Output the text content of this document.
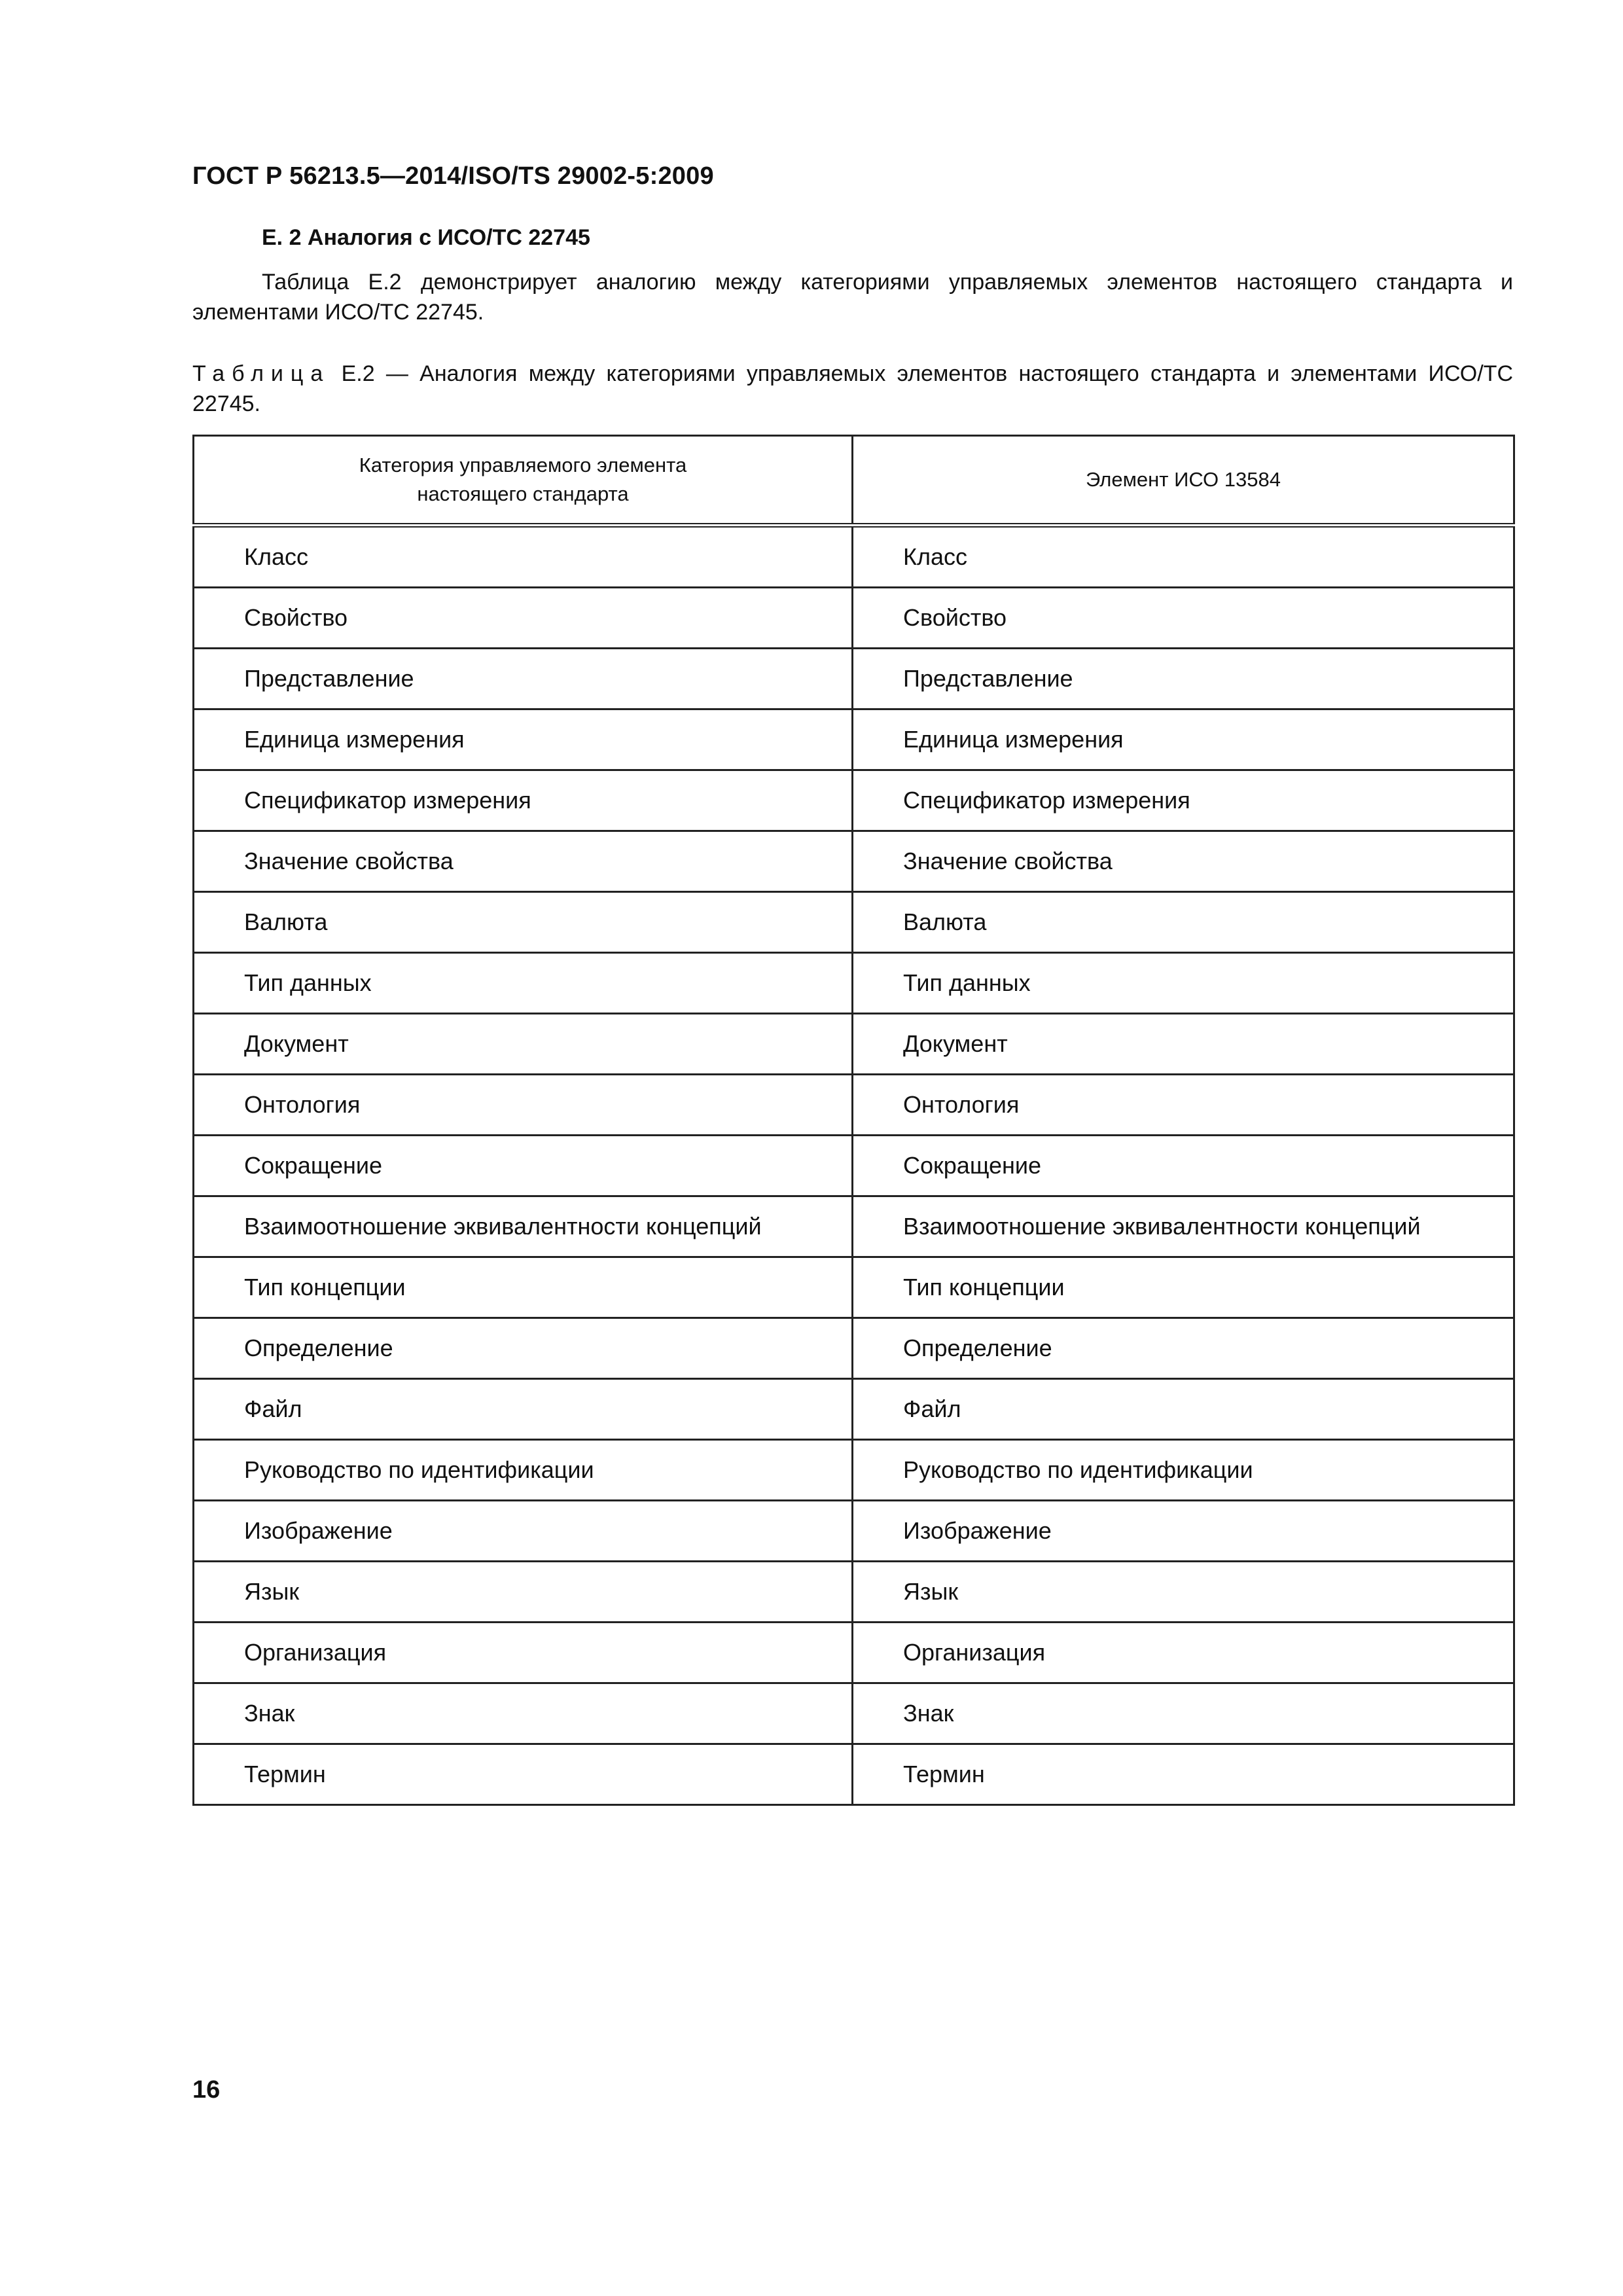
ГОСТ Р 56213.5—2014/ISO/TS 29002-5:2009
Е. 2 Аналогия с ИСО/ТС 22745

Таблица Е.2 демонстрирует аналогию между категориями управляемых элементов настоящего стандарта и элементами ИСО/ТС 22745.

Таблица Е.2 — Аналогия между категориями управляемых элементов настоящего стандарта и элементами ИСО/ТС 22745.

Категория управляемого элемента настоящего стандарта	Элемент ИСО 13584
Класс	Класс
Свойство	Свойство
Представление	Представление
Единица измерения	Единица измерения
Спецификатор измерения	Спецификатор измерения
Значение свойства	Значение свойства
Валюта	Валюта
Тип данных	Тип данных
Документ	Документ
Онтология	Онтология
Сокращение	Сокращение
Взаимоотношение эквивалентности концепций	Взаимоотношение эквивалентности концепций
Тип концепции	Тип концепции
Определение	Определение
Файл	Файл
Руководство по идентификации	Руководство по идентификации
Изображение	Изображение
Язык	Язык
Организация	Организация
Знак	Знак
Термин	Термин
16
